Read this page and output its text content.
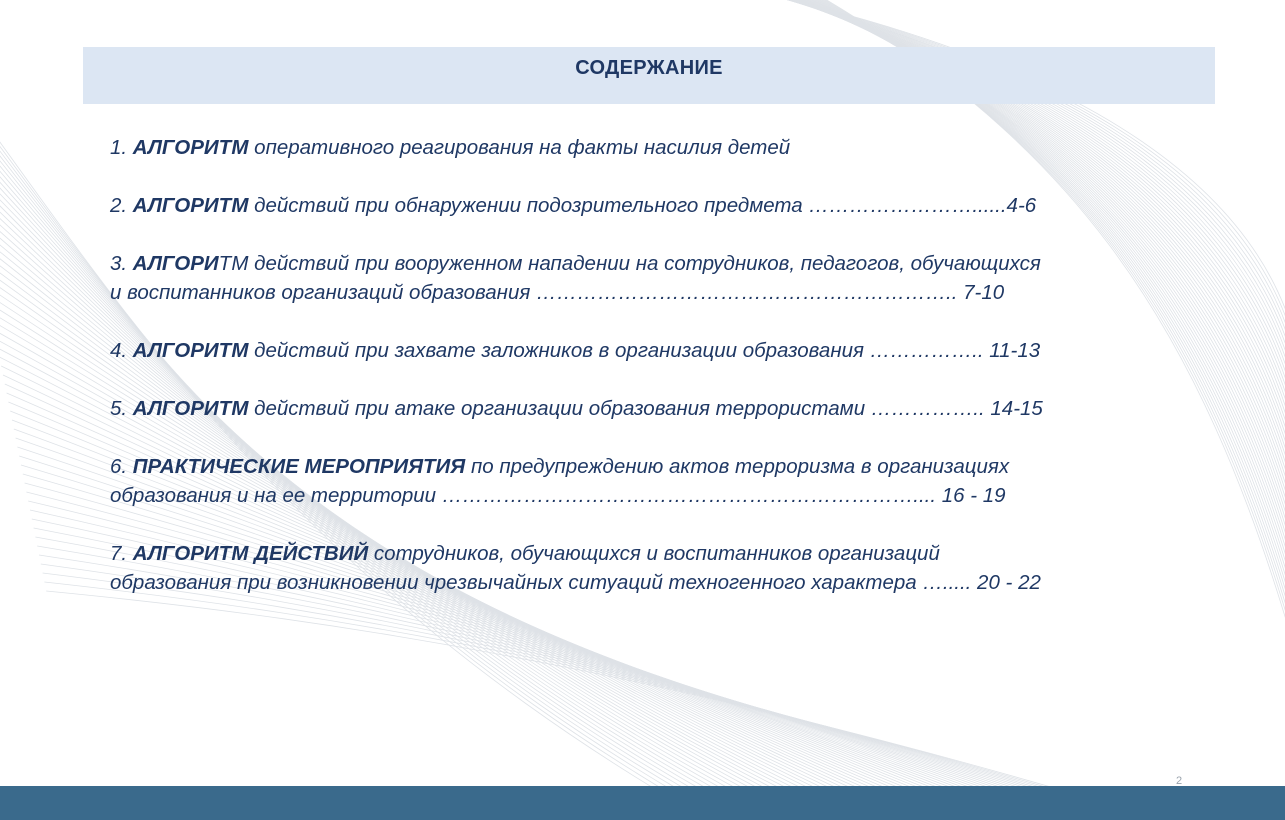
СОДЕРЖАНИЕ
1. АЛГОРИТМ оперативного реагирования на факты насилия детей
2. АЛГОРИТМ действий при обнаружении подозрительного предмета ……………………......4-6
3. АЛГОРИТМ действий при вооруженном нападении на сотрудников, педагогов, обучающихся
и воспитанников организаций образования …………………………………………………….. 7-10
4. АЛГОРИТМ действий при захвате заложников в организации образования …………….. 11-13
5. АЛГОРИТМ действий при атаке организации образования террористами …………….. 14-15
6. ПРАКТИЧЕСКИЕ МЕРОПРИЯТИЯ по предупреждению актов терроризма в организациях
образования и на ее территории …………………………………………………………….... 16 - 19
7. АЛГОРИТМ ДЕЙСТВИЙ сотрудников, обучающихся и воспитанников организаций
образования при возникновении чрезвычайных ситуаций техногенного характера …..... 20 - 22
2
